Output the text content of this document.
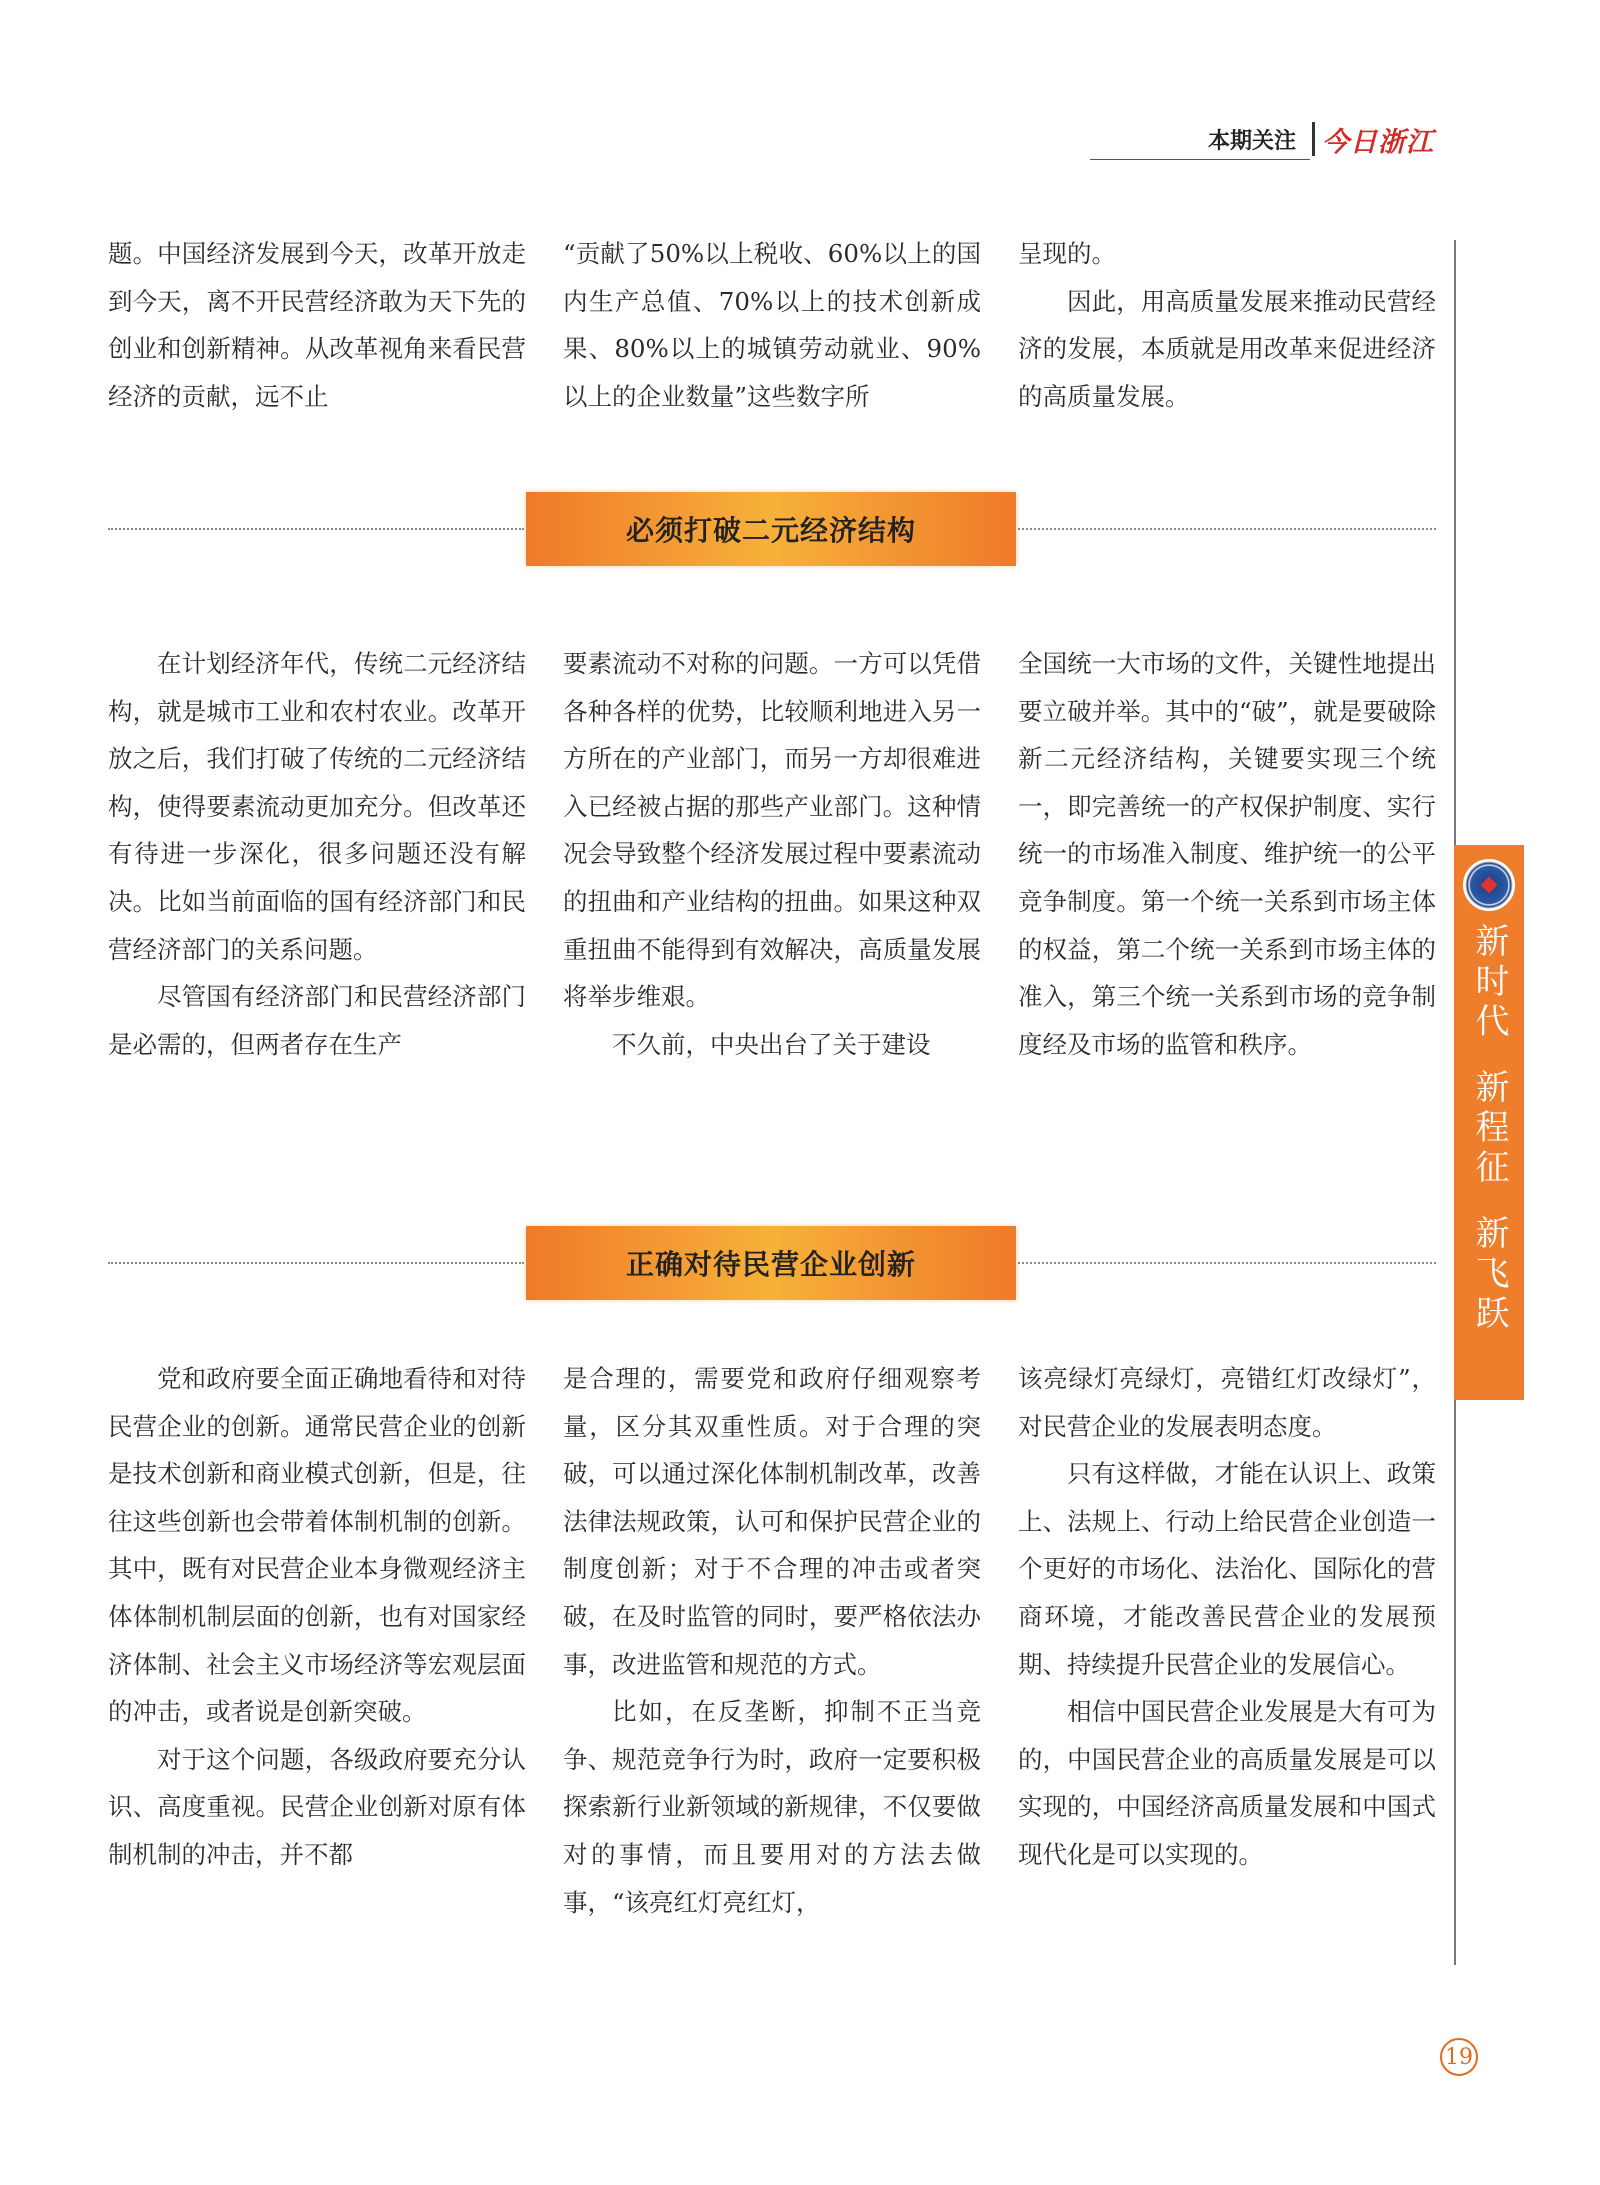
本期关注 今日浙江

题。中国经济发展到今天，改革开放走到今天，离不开民营经济敢为天下先的创业和创新精神。从改革视角来看民营经济的贡献，远不止

“贡献了50%以上税收、60%以上的国内生产总值、70%以上的技术创新成果、80%以上的城镇劳动就业、90%以上的企业数量”这些数字所

呈现的。

因此，用高质量发展来推动民营经济的发展，本质就是用改革来促进经济的高质量发展。

必须打破二元经济结构

在计划经济年代，传统二元经济结构，就是城市工业和农村农业。改革开放之后，我们打破了传统的二元经济结构，使得要素流动更加充分。但改革还有待进一步深化，很多问题还没有解决。比如当前面临的国有经济部门和民营经济部门的关系问题。

尽管国有经济部门和民营经济部门是必需的，但两者存在生产

要素流动不对称的问题。一方可以凭借各种各样的优势，比较顺利地进入另一方所在的产业部门，而另一方却很难进入已经被占据的那些产业部门。这种情况会导致整个经济发展过程中要素流动的扭曲和产业结构的扭曲。如果这种双重扭曲不能得到有效解决，高质量发展将举步维艰。

不久前，中央出台了关于建设

全国统一大市场的文件，关键性地提出要立破并举。其中的“破”，就是要破除新二元经济结构，关键要实现三个统一，即完善统一的产权保护制度、实行统一的市场准入制度、维护统一的公平竞争制度。第一个统一关系到市场主体的权益，第二个统一关系到市场主体的准入，第三个统一关系到市场的竞争制度经及市场的监管和秩序。

正确对待民营企业创新

党和政府要全面正确地看待和对待民营企业的创新。通常民营企业的创新是技术创新和商业模式创新，但是，往往这些创新也会带着体制机制的创新。其中，既有对民营企业本身微观经济主体体制机制层面的创新，也有对国家经济体制、社会主义市场经济等宏观层面的冲击，或者说是创新突破。

对于这个问题，各级政府要充分认识、高度重视。民营企业创新对原有体制机制的冲击，并不都

是合理的，需要党和政府仔细观察考量，区分其双重性质。对于合理的突破，可以通过深化体制机制改革，改善法律法规政策，认可和保护民营企业的制度创新；对于不合理的冲击或者突破，在及时监管的同时，要严格依法办事，改进监管和规范的方式。

比如，在反垄断，抑制不正当竞争、规范竞争行为时，政府一定要积极探索新行业新领域的新规律，不仅要做对的事情，而且要用对的方法去做事，“该亮红灯亮红灯，

该亮绿灯亮绿灯，亮错红灯改绿灯”，对民营企业的发展表明态度。

只有这样做，才能在认识上、政策上、法规上、行动上给民营企业创造一个更好的市场化、法治化、国际化的营商环境，才能改善民营企业的发展预期、持续提升民营企业的发展信心。

相信中国民营企业发展是大有可为的，中国民营企业的高质量发展是可以实现的，中国经济高质量发展和中国式现代化是可以实现的。

新时代
新程征
新飞跃
19
